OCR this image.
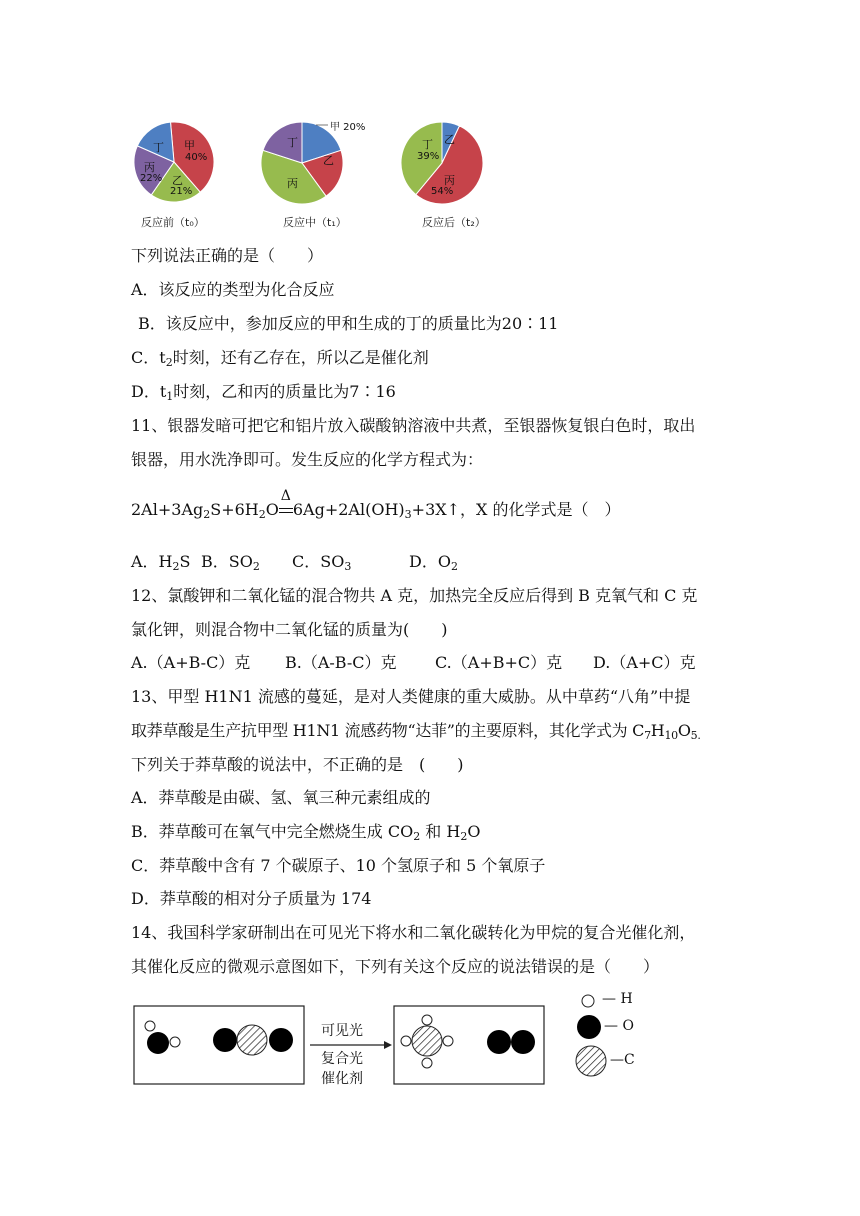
甲
40%
乙
21%
丙
22%
丁
甲 20%
乙
丙
丁	乙
丙
54%
丁
39%
反应前（t₀）	反应中（t₁）	反应后（t₂）
下列说法正确的是（　　）
A．该反应的类型为化合反应
B．该反应中，参加反应的甲和生成的丁的质量比为20∶11
C．$t_2$时刻，还有乙存在，所以乙是催化剂
D．$t_1$时刻，乙和丙的质量比为7∶16
11、银器发暗可把它和铝片放入碳酸钠溶液中共煮，至银器恢复银白色时，取出
银器，用水洗净即可。发生反应的化学方程式为：
$2Al+3Ag_2S+6H_2O$
Δ
$6Ag+2Al(OH)_3+3X↑$，X 的化学式是（　）
A．$H_2S$ B．$SO_2$ C．$SO_3$	D．$O_2$
12、氯酸钾和二氧化锰的混合物共 A 克，加热完全反应后得到 B 克氧气和 C 克
氯化钾，则混合物中二氧化锰的质量为(　　)
A.（A+B-C）克 B.（A-B-C）克 C.（A+B+C）克 D.（A+C）克
13、甲型 H1N1 流感的蔓延，是对人类健康的重大威胁。从中草药“八角”中提
取莽草酸是生产抗甲型 H1N1 流感药物“达菲”的主要原料，其化学式为 $C_7H_{10}O_{5.}$
下列关于莽草酸的说法中，不正确的是　(　　)
A．莽草酸是由碳、氢、氧三种元素组成的
B．莽草酸可在氧气中完全燃烧生成 $CO_2$ 和 $H_2O$
C．莽草酸中含有 7 个碳原子、10 个氢原子和 5 个氧原子
D．莽草酸的相对分子质量为 174
14、我国科学家研制出在可见光下将水和二氧化碳转化为甲烷的复合光催化剂，
其催化反应的微观示意图如下，下列有关这个反应的说法错误的是（　　）
可见光
复合光
催化剂
— H
— O
—C
